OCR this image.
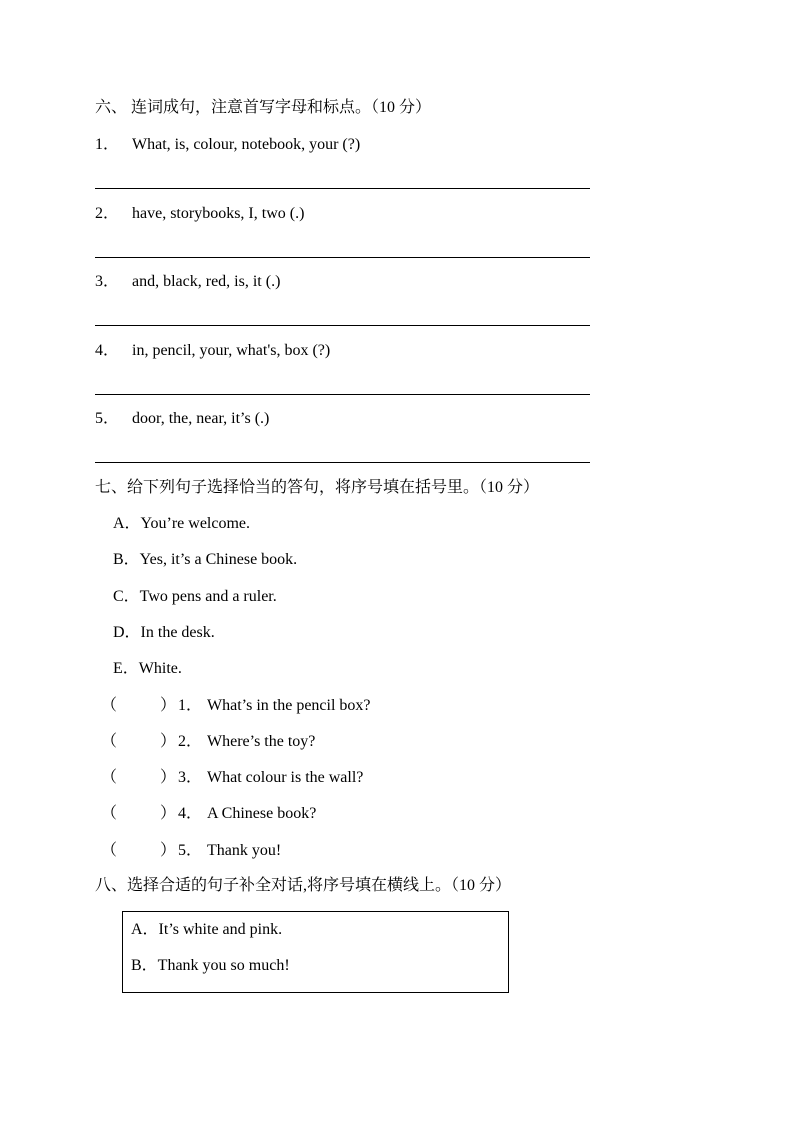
六、 连词成句，注意首写字母和标点。（10 分）
1． What, is, colour, notebook, your (?)
2． have, storybooks, I, two (.)
3． and, black, red, is, it (.)
4． in, pencil, your, what's, box (?)
5． door, the, near, it’s (.)
七、给下列句子选择恰当的答句，将序号填在括号里。（10 分）
A．You’re welcome.
B．Yes, it’s a Chinese book.
C．Two pens and a ruler.
D．In the desk.
E．White.
（	） 1． What’s in the pencil box?
（	） 2． Where’s the toy?
（	） 3． What colour is the wall?
（	） 4． A Chinese book?
（	） 5． Thank you!
八、选择合适的句子补全对话,将序号填在横线上。（10 分）
A．It’s white and pink.
B．Thank you so much!
